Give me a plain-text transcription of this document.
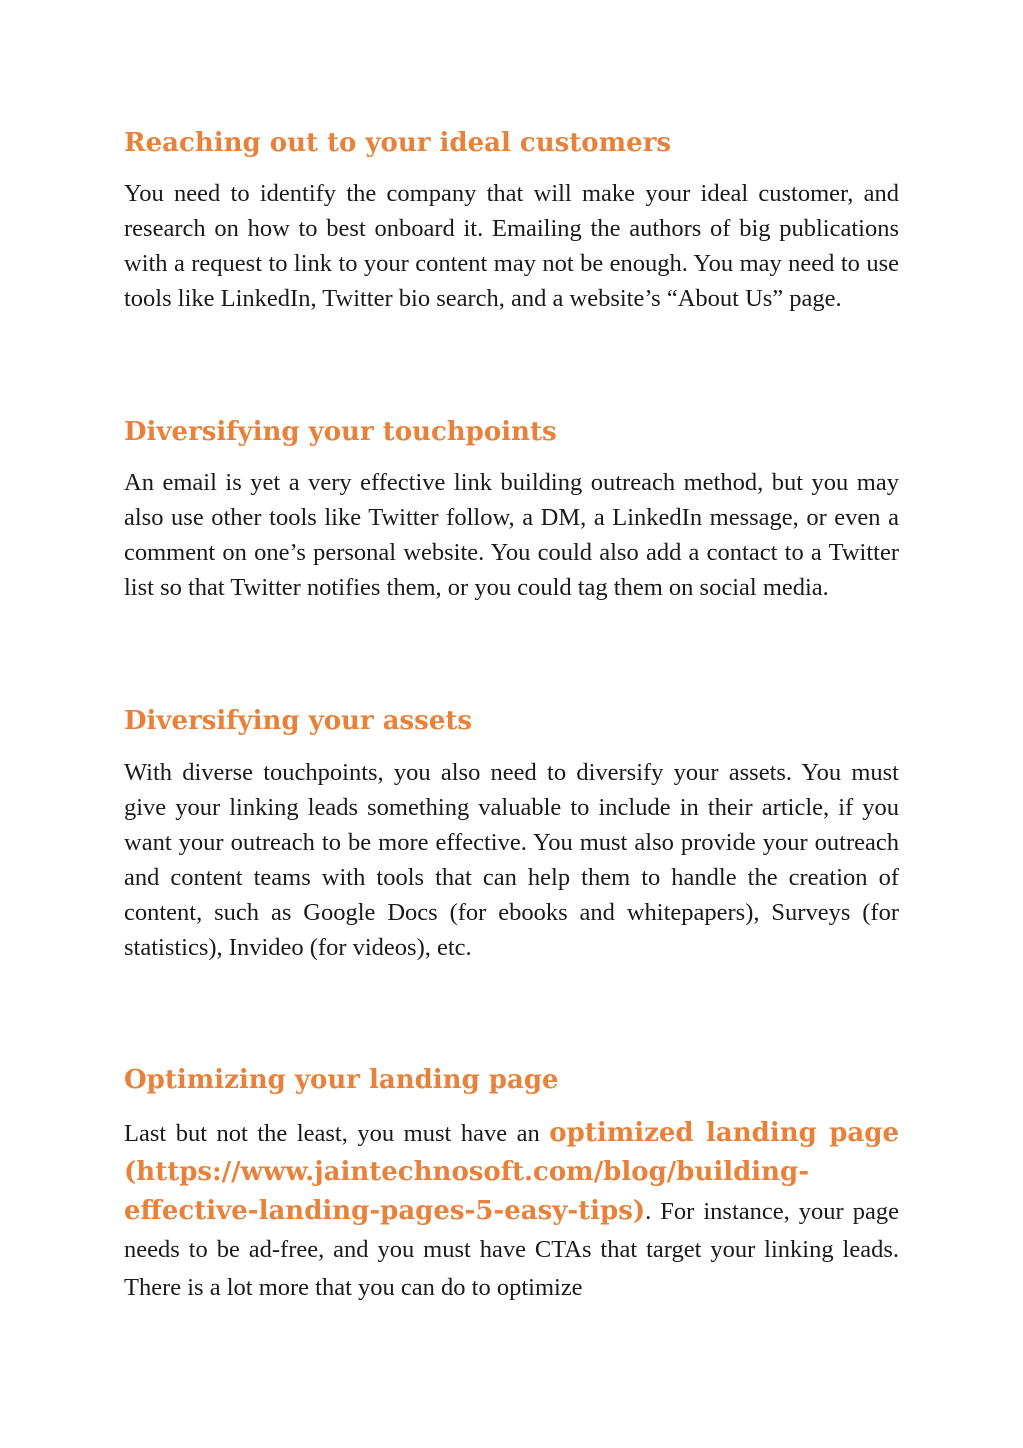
Reaching out to your ideal customers

You need to identify the company that will make your ideal customer, and research on how to best onboard it. Emailing the authors of big publications with a request to link to your content may not be enough. You may need to use tools like LinkedIn, Twitter bio search, and a website’s “About Us” page.

Diversifying your touchpoints

An email is yet a very effective link building outreach method, but you may also use other tools like Twitter follow, a DM, a LinkedIn message, or even a comment on one’s personal website. You could also add a contact to a Twitter list so that Twitter notifies them, or you could tag them on social media.

Diversifying your assets

With diverse touchpoints, you also need to diversify your assets. You must give your linking leads something valuable to include in their article, if you want your outreach to be more effective. You must also provide your outreach and content teams with tools that can help them to handle the creation of content, such as Google Docs (for ebooks and whitepapers), Surveys (for statistics), Invideo (for videos), etc.

Optimizing your landing page

Last but not the least, you must have an optimized landing page (https://www.jaintechnosoft.com/blog/building-effective-landing-pages-5-easy-tips). For instance, your page needs to be ad-free, and you must have CTAs that target your linking leads. There is a lot more that you can do to optimize
